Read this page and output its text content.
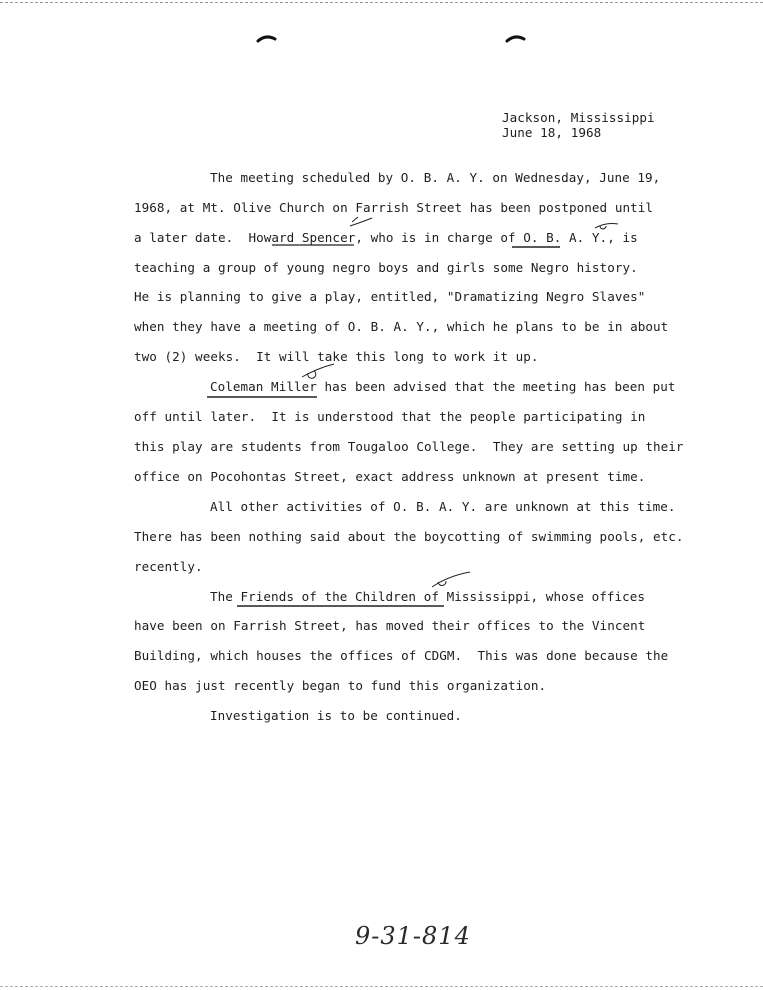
Jackson, Mississippi
June 18, 1968
The meeting scheduled by O. B. A. Y. on Wednesday, June 19,
1968, at Mt. Olive Church on Farrish Street has been postponed until
a later date.  Howard Spencer, who is in charge of O. B. A. Y., is
teaching a group of young negro boys and girls some Negro history.
He is planning to give a play, entitled, "Dramatizing Negro Slaves"
when they have a meeting of O. B. A. Y., which he plans to be in about
two (2) weeks.  It will take this long to work it up.
Coleman Miller has been advised that the meeting has been put
off until later.  It is understood that the people participating in
this play are students from Tougaloo College.  They are setting up their
office on Pocohontas Street, exact address unknown at present time.
All other activities of O. B. A. Y. are unknown at this time.
There has been nothing said about the boycotting of swimming pools, etc.
recently.
The Friends of the Children of Mississippi, whose offices
have been on Farrish Street, has moved their offices to the Vincent
Building, which houses the offices of CDGM.  This was done because the
OEO has just recently began to fund this organization.
Investigation is to be continued.
9-31-814
